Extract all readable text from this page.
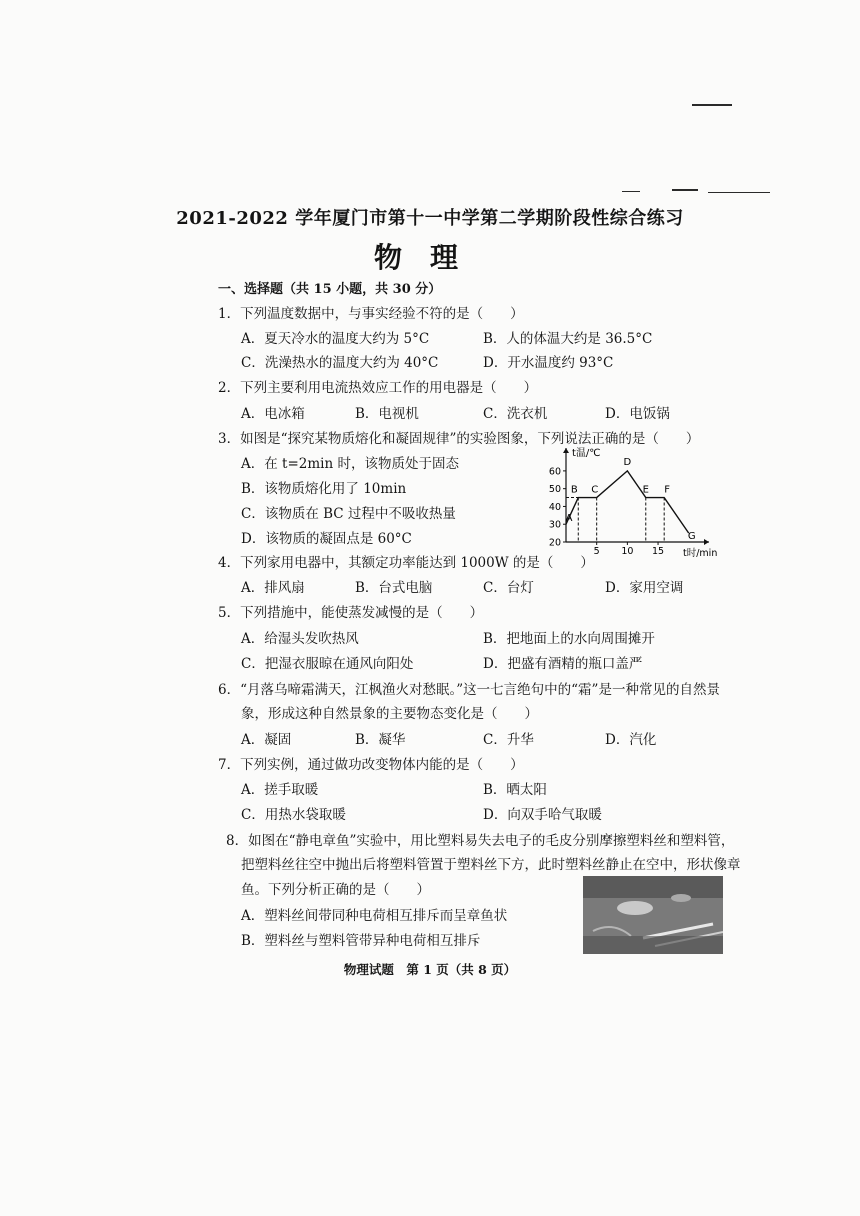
2021-2022 学年厦门市第十一中学第二学期阶段性综合练习
物理
一、选择题（共 15 小题，共 30 分）
1．下列温度数据中，与事实经验不符的是（　　）
A．夏天冷水的温度大约为 5°C	B．人的体温大约是 36.5°C
C．洗澡热水的温度大约为 40°C	D．开水温度约 93°C
2．下列主要利用电流热效应工作的用电器是（　　）
A．电冰箱	B．电视机	C．洗衣机	D．电饭锅
3．如图是“探究某物质熔化和凝固规律”的实验图象，下列说法正确的是（　　）
A．在 t=2min 时，该物质处于固态
B．该物质熔化用了 10min
C．该物质在 BC 过程中不吸收热量
D．该物质的凝固点是 60°C
t温/℃
t时/min
20
30
40
50
60
5 10 15
A
B C
D
E F
G
4．下列家用电器中，其额定功率能达到 1000W 的是（　　）
A．排风扇	B．台式电脑	C．台灯	D．家用空调
5．下列措施中，能使蒸发减慢的是（　　）
A．给湿头发吹热风	B．把地面上的水向周围摊开
C．把湿衣服晾在通风向阳处	D．把盛有酒精的瓶口盖严
6．“月落乌啼霜满天，江枫渔火对愁眠。”这一七言绝句中的“霜”是一种常见的自然景
象，形成这种自然景象的主要物态变化是（　　）
A．凝固	B．凝华	C．升华	D．汽化
7．下列实例，通过做功改变物体内能的是（　　）
A．搓手取暖	B．晒太阳
C．用热水袋取暖	D．向双手哈气取暖
8．如图在“静电章鱼”实验中，用比塑料易失去电子的毛皮分别摩擦塑料丝和塑料管，
把塑料丝往空中抛出后将塑料管置于塑料丝下方，此时塑料丝静止在空中，形状像章
鱼。下列分析正确的是（　　）
A．塑料丝间带同种电荷相互排斥而呈章鱼状
B．塑料丝与塑料管带异种电荷相互排斥
物理试题　第 1 页（共 8 页）
